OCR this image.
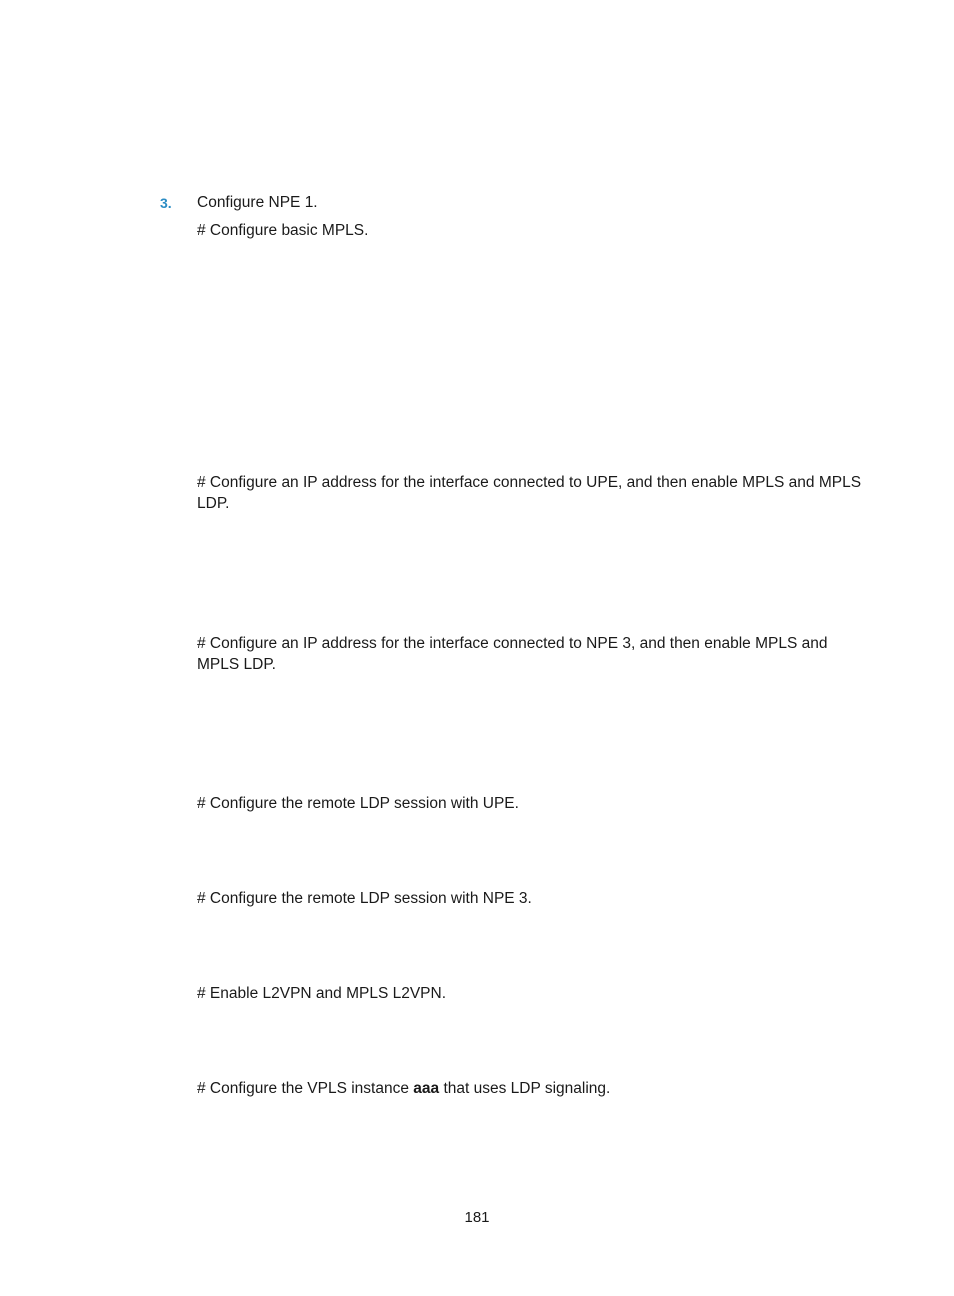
3. Configure NPE 1.
# Configure basic MPLS.
# Configure an IP address for the interface connected to UPE, and then enable MPLS and MPLS LDP.
# Configure an IP address for the interface connected to NPE 3, and then enable MPLS and MPLS LDP.
# Configure the remote LDP session with UPE.
# Configure the remote LDP session with NPE 3.
# Enable L2VPN and MPLS L2VPN.
# Configure the VPLS instance aaa that uses LDP signaling.
181
